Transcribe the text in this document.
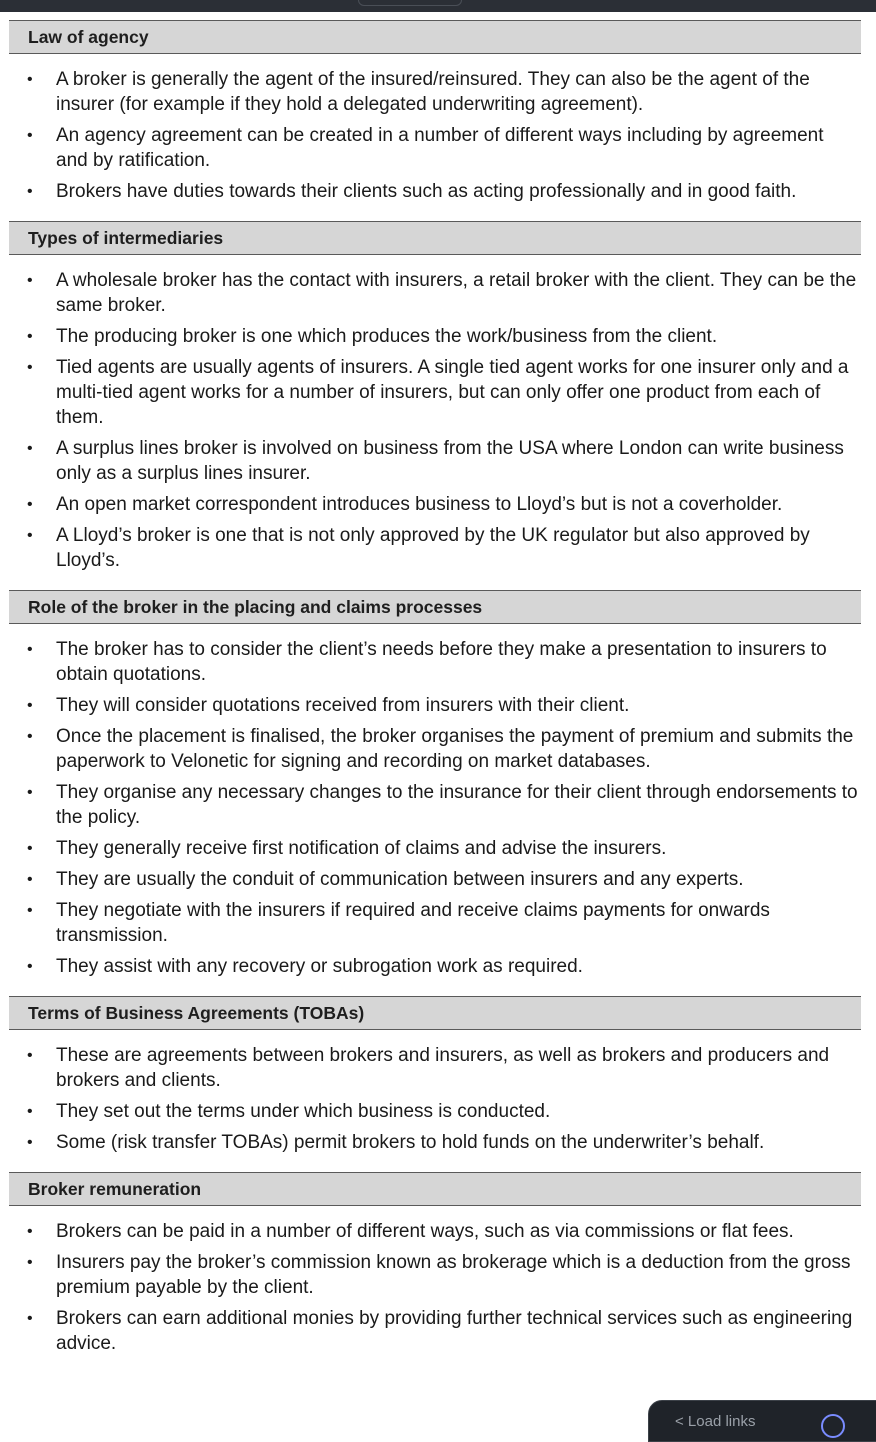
Law of agency
•	A broker is generally the agent of the insured/reinsured. They can also be the agent of the insurer (for example if they hold a delegated underwriting agreement).
•	An agency agreement can be created in a number of different ways including by agreement and by ratification.
•	Brokers have duties towards their clients such as acting professionally and in good faith.
Types of intermediaries
•	A wholesale broker has the contact with insurers, a retail broker with the client. They can be the same broker.
•	The producing broker is one which produces the work/business from the client.
•	Tied agents are usually agents of insurers. A single tied agent works for one insurer only and a multi-tied agent works for a number of insurers, but can only offer one product from each of them.
•	A surplus lines broker is involved on business from the USA where London can write business only as a surplus lines insurer.
•	An open market correspondent introduces business to Lloyd’s but is not a coverholder.
•	A Lloyd’s broker is one that is not only approved by the UK regulator but also approved by Lloyd’s.
Role of the broker in the placing and claims processes
•	The broker has to consider the client’s needs before they make a presentation to insurers to obtain quotations.
•	They will consider quotations received from insurers with their client.
•	Once the placement is finalised, the broker organises the payment of premium and submits the paperwork to Velonetic for signing and recording on market databases.
•	They organise any necessary changes to the insurance for their client through endorsements to the policy.
•	They generally receive first notification of claims and advise the insurers.
•	They are usually the conduit of communication between insurers and any experts.
•	They negotiate with the insurers if required and receive claims payments for onwards transmission.
•	They assist with any recovery or subrogation work as required.
Terms of Business Agreements (TOBAs)
•	These are agreements between brokers and insurers, as well as brokers and producers and brokers and clients.
•	They set out the terms under which business is conducted.
•	Some (risk transfer TOBAs) permit brokers to hold funds on the underwriter’s behalf.
Broker remuneration
•	Brokers can be paid in a number of different ways, such as via commissions or flat fees.
•	Insurers pay the broker’s commission known as brokerage which is a deduction from the gross premium payable by the client.
•	Brokers can earn additional monies by providing further technical services such as engineering advice.
< Load links
